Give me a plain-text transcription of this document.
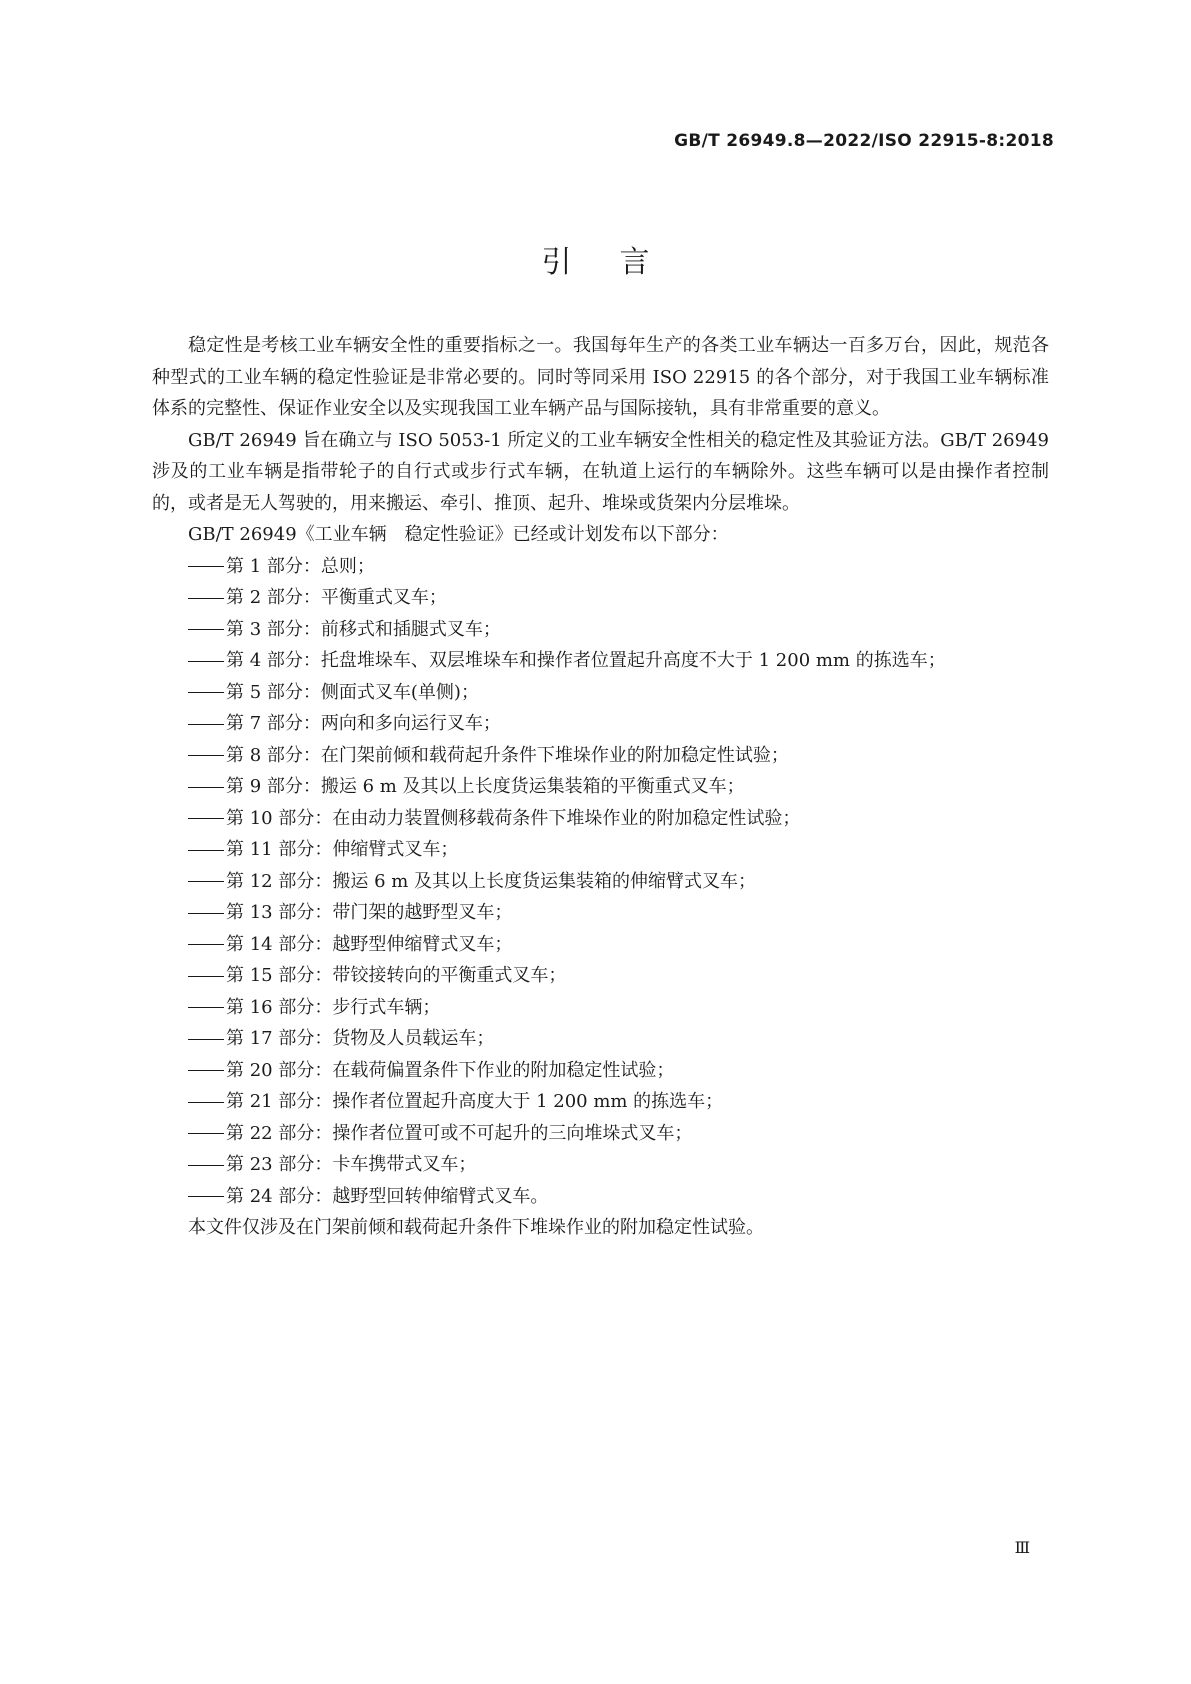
GB/T 26949.8—2022/ISO 22915-8:2018
引言

稳定性是考核工业车辆安全性的重要指标之一。我国每年生产的各类工业车辆达一百多万台，因此，规范各种型式的工业车辆的稳定性验证是非常必要的。同时等同采用 ISO 22915 的各个部分，对于我国工业车辆标准体系的完整性、保证作业安全以及实现我国工业车辆产品与国际接轨，具有非常重要的意义。

GB/T 26949 旨在确立与 ISO 5053-1 所定义的工业车辆安全性相关的稳定性及其验证方法。GB/T 26949 涉及的工业车辆是指带轮子的自行式或步行式车辆，在轨道上运行的车辆除外。这些车辆可以是由操作者控制的，或者是无人驾驶的，用来搬运、牵引、推顶、起升、堆垛或货架内分层堆垛。

GB/T 26949《工业车辆　稳定性验证》已经或计划发布以下部分：

第 1 部分：总则；
第 2 部分：平衡重式叉车；
第 3 部分：前移式和插腿式叉车；
第 4 部分：托盘堆垛车、双层堆垛车和操作者位置起升高度不大于 1 200 mm 的拣选车；
第 5 部分：侧面式叉车(单侧)；
第 7 部分：两向和多向运行叉车；
第 8 部分：在门架前倾和载荷起升条件下堆垛作业的附加稳定性试验；
第 9 部分：搬运 6 m 及其以上长度货运集装箱的平衡重式叉车；
第 10 部分：在由动力装置侧移载荷条件下堆垛作业的附加稳定性试验；
第 11 部分：伸缩臂式叉车；
第 12 部分：搬运 6 m 及其以上长度货运集装箱的伸缩臂式叉车；
第 13 部分：带门架的越野型叉车；
第 14 部分：越野型伸缩臂式叉车；
第 15 部分：带铰接转向的平衡重式叉车；
第 16 部分：步行式车辆；
第 17 部分：货物及人员载运车；
第 20 部分：在载荷偏置条件下作业的附加稳定性试验；
第 21 部分：操作者位置起升高度大于 1 200 mm 的拣选车；
第 22 部分：操作者位置可或不可起升的三向堆垛式叉车；
第 23 部分：卡车携带式叉车；
第 24 部分：越野型回转伸缩臂式叉车。

本文件仅涉及在门架前倾和载荷起升条件下堆垛作业的附加稳定性试验。

Ⅲ
